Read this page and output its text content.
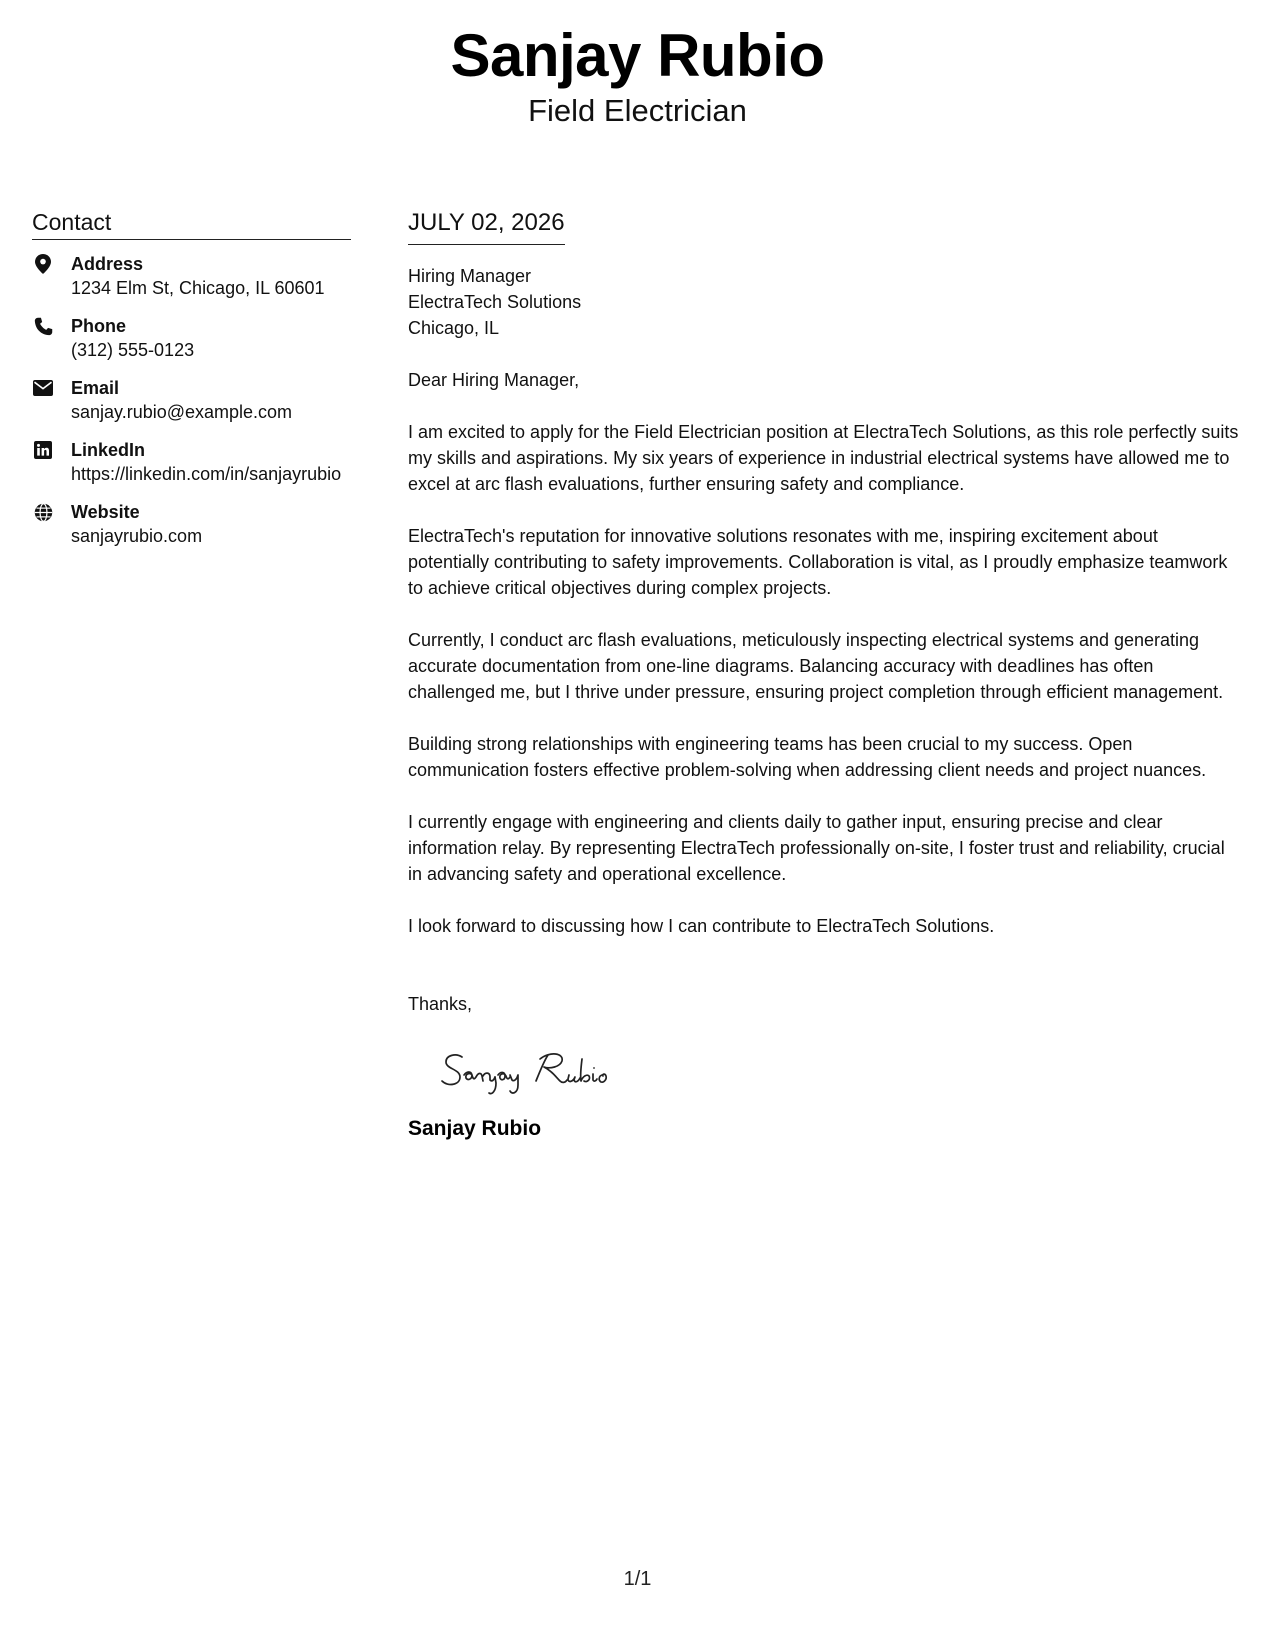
Sanjay Rubio
Field Electrician
Contact
Address
1234 Elm St, Chicago, IL 60601
Phone
(312) 555-0123
Email
sanjay.rubio@example.com
LinkedIn
https://linkedin.com/in/sanjayrubio
Website
sanjayrubio.com
JULY 02, 2026
Hiring Manager
ElectraTech Solutions
Chicago, IL
Dear Hiring Manager,
I am excited to apply for the Field Electrician position at ElectraTech Solutions, as this role perfectly suits my skills and aspirations. My six years of experience in industrial electrical systems have allowed me to excel at arc flash evaluations, further ensuring safety and compliance.
ElectraTech's reputation for innovative solutions resonates with me, inspiring excitement about potentially contributing to safety improvements. Collaboration is vital, as I proudly emphasize teamwork to achieve critical objectives during complex projects.
Currently, I conduct arc flash evaluations, meticulously inspecting electrical systems and generating accurate documentation from one-line diagrams. Balancing accuracy with deadlines has often challenged me, but I thrive under pressure, ensuring project completion through efficient management.
Building strong relationships with engineering teams has been crucial to my success. Open communication fosters effective problem-solving when addressing client needs and project nuances.
I currently engage with engineering and clients daily to gather input, ensuring precise and clear information relay. By representing ElectraTech professionally on-site, I foster trust and reliability, crucial in advancing safety and operational excellence.
I look forward to discussing how I can contribute to ElectraTech Solutions.
Thanks,
Sanjay Rubio
1/1
